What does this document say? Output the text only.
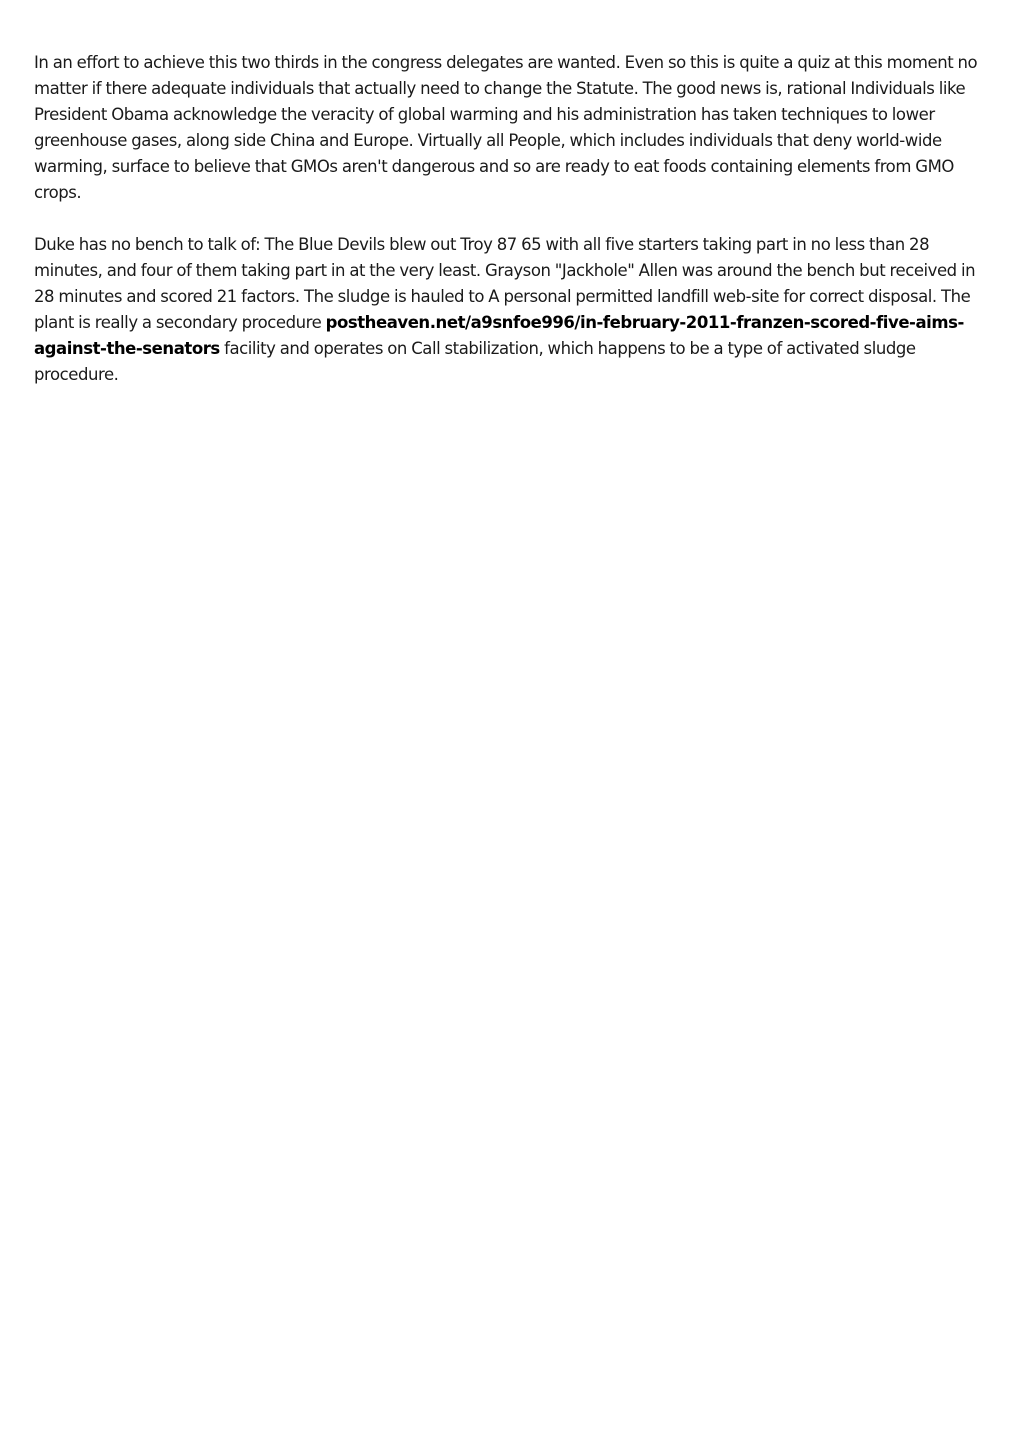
In an effort to achieve this two thirds in the congress delegates are wanted. Even so this is quite a quiz at this moment no matter if there adequate individuals that actually need to change the Statute. The good news is, rational Individuals like President Obama acknowledge the veracity of global warming and his administration has taken techniques to lower greenhouse gases, along side China and Europe. Virtually all People, which includes individuals that deny world-wide warming, surface to believe that GMOs aren't dangerous and so are ready to eat foods containing elements from GMO crops.

Duke has no bench to talk of: The Blue Devils blew out Troy 87 65 with all five starters taking part in no less than 28 minutes, and four of them taking part in at the very least. Grayson "Jackhole" Allen was around the bench but received in 28 minutes and scored 21 factors. The sludge is hauled to A personal permitted landfill web-site for correct disposal. The plant is really a secondary procedure postheaven.net/a9snfoe996/in-february-2011-franzen-scored-five-aims-against-the-senators facility and operates on Call stabilization, which happens to be a type of activated sludge procedure.
